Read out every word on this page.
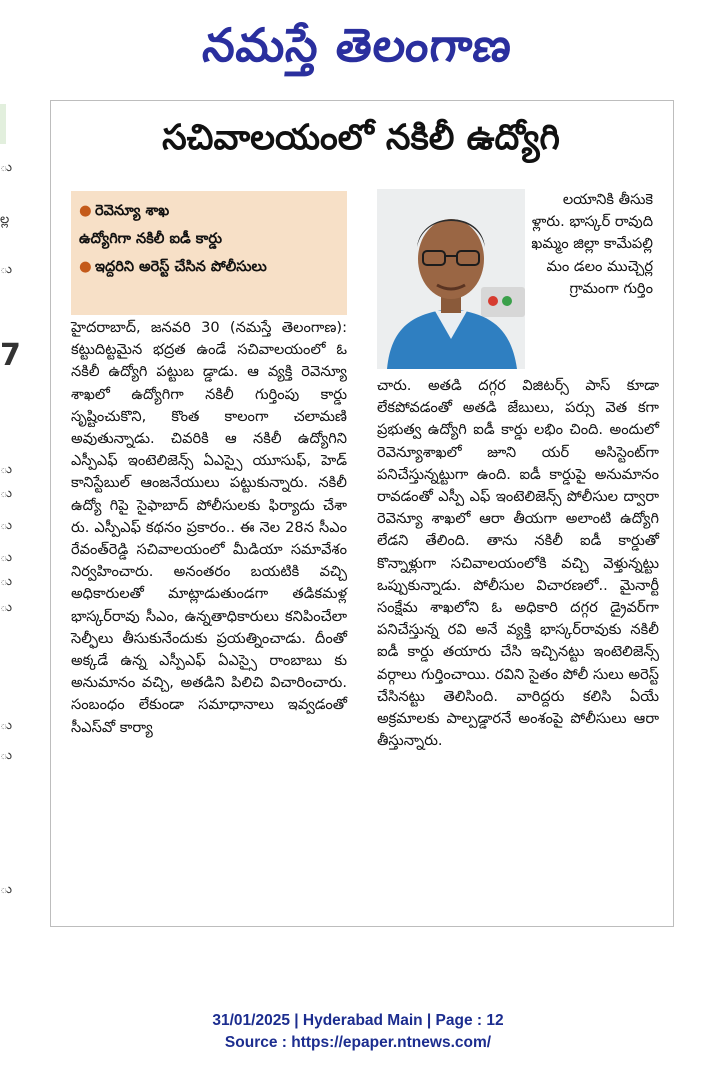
నమస్తే తెలంగాణ
ు
ల్ల
ు
7
ు
ు
ు
ు
ు
ు
ు
ు
ు
సచివాలయంలో నకిలీ ఉద్యోగి
● రెవెన్యూ శాఖ
ఉద్యోగిగా నకిలీ ఐడీ కార్డు
● ఇద్దరిని అరెస్ట్ చేసిన పోలీసులు
లయానికి తీసుకె ళ్లారు. భాస్కర్ రావుది ఖమ్మం జిల్లా కామేపల్లి మం డలం ముచ్చెర్ల గ్రామంగా గుర్తిం
హైదరాబాద్, జనవరి 30 (నమస్తే తెలంగాణ): కట్టుదిట్టమైన భద్రత ఉండే సచివాలయంలో ఓ నకిలీ ఉద్యోగి పట్టుబ డ్డాడు. ఆ వ్యక్తి రెవెన్యూ శాఖలో ఉద్యోగిగా నకిలీ గుర్తింపు కార్డు సృష్టించుకొని, కొంత కాలంగా చలామణి అవుతున్నాడు. చివరికి ఆ నకిలీ ఉద్యోగిని ఎస్పీఎఫ్ ఇంటెలిజెన్స్ ఏఎస్సై యూసుఫ్, హెడ్ కానిస్టేబుల్ ఆంజనేయులు పట్టుకున్నారు. నకిలీ ఉద్యో గిపై సైఫాబాద్ పోలీసులకు ఫిర్యాదు చేశా రు. ఎస్పీఎఫ్ కథనం ప్రకారం.. ఈ నెల 28న సీఎం రేవంత్‌రెడ్డి సచివాలయంలో మీడియా సమావేశం నిర్వహించారు. అనంతరం బయటికి వచ్చి అధికారులతో మాట్లాడుతుండగా తడికమళ్ల భాస్కర్‌రావు సీఎం, ఉన్నతాధికారులు కనిపించేలా సెల్ఫీలు తీసుకునేందుకు ప్రయత్నించాడు. దీంతో అక్కడే ఉన్న ఎస్పీఎఫ్ ఏఎస్సై రాంబాబు కు అనుమానం వచ్చి, అతడిని పిలిచి విచారించారు. సంబంధం లేకుండా సమాధానాలు ఇవ్వడంతో సీఎస్‌వో కార్యా
చారు. అతడి దగ్గర విజిటర్స్ పాస్ కూడా లేకపోవడంతో అతడి జేబులు, పర్సు వెత కగా ప్రభుత్వ ఉద్యోగి ఐడీ కార్డు లభిం చింది. అందులో రెవెన్యూశాఖలో జూని యర్ అసిస్టెంట్‌గా పనిచేస్తున్నట్టుగా ఉంది. ఐడీ కార్డుపై అనుమానం రావడంతో ఎస్పీ ఎఫ్ ఇంటెలిజెన్స్ పోలీసుల ద్వారా రెవెన్యూ శాఖలో ఆరా తీయగా అలాంటి ఉద్యోగి లేడని తేలింది. తాను నకిలీ ఐడీ కార్డుతో కొన్నాళ్లుగా సచివాలయంలోకి వచ్చి వెళ్తున్నట్టు ఒప్పుకున్నాడు. పోలీసుల విచారణలో.. మైనార్టీ సంక్షేమ శాఖలోని ఓ అధికారి దగ్గర డ్రైవర్‌గా పనిచేస్తున్న రవి అనే వ్యక్తి భాస్కర్‌రావుకు నకిలీ ఐడీ కార్డు తయారు చేసి ఇచ్చినట్టు ఇంటెలిజెన్స్ వర్గాలు గుర్తించాయి. రవిని సైతం పోలీ సులు అరెస్ట్ చేసినట్టు తెలిసింది. వారిద్దరు కలిసి ఏయే అక్రమాలకు పాల్పడ్డారనే అంశంపై పోలీసులు ఆరా తీస్తున్నారు.
31/01/2025 | Hyderabad Main | Page : 12
Source : https://epaper.ntnews.com/
